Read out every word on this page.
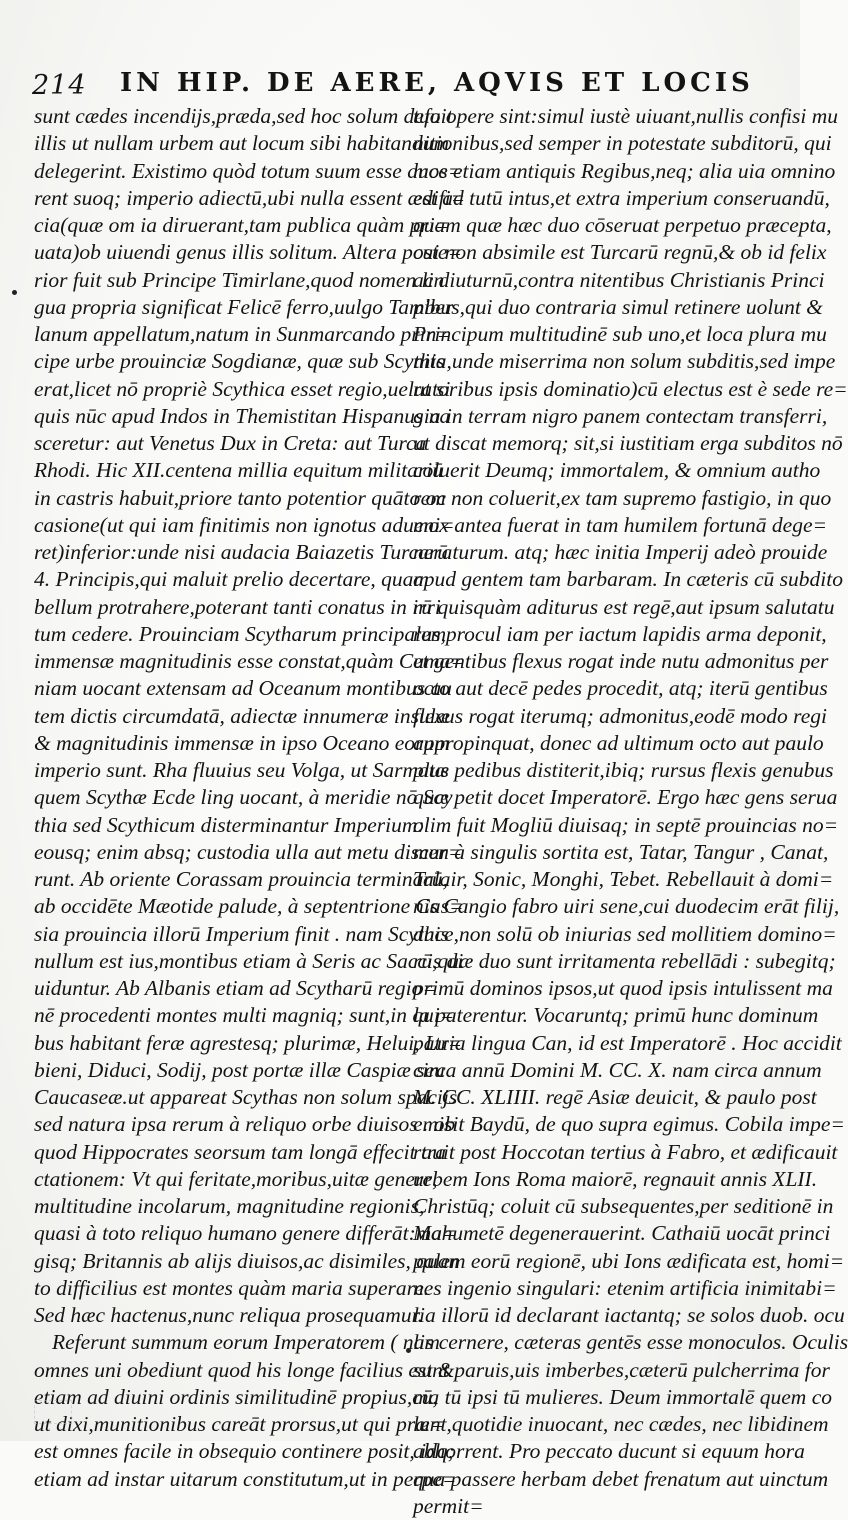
214 IN HIP. DE AERE, AQVIS ET LOCIS
sunt cædes incendijs,præda,sed hoc solum defuit
illis ut nullam urbem aut locum sibi habitandum
delegerint. Existimo quòd totum suum esse duce=
rent suoq; imperio adiectū,ubi nulla essent ædifi=
cia(quæ om ia diruerant,tam publica quàm pri=
uata)ob uiuendi genus illis solitum. Altera poste=
rior fuit sub Principe Timirlane,quod nomen lin
gua propria significat Felicē ferro,uulgo Tamber
lanum appellatum,natum in Sunmarcando prin=
cipe urbe prouinciæ Sogdianæ, quæ sub Scythis
erat,licet nō propriè Scythica esset regio,uelut si
quis nūc apud Indos in Themistitan Hispanus na
sceretur: aut Venetus Dux in Creta: aut Turca
Rhodi. Hic XII.centena millia equitum militariū
in castris habuit,priore tanto potentior quāto oc
casione(ut qui iam finitimis non ignotus adueni=
ret)inferior:unde nisi audacia Baiazetis Turcarū
4. Principis,qui maluit prelio decertare, quam
bellum protrahere,poterant tanti conatus in irri
tum cedere. Prouinciam Scytharum principalem
immensæ magnitudinis esse constat,quàm Cuma=
niam uocant extensam ad Oceanum montibus au
tem dictis circumdatā, adiectæ innumeræ insulæ
& magnitudinis immensæ in ipso Oceano eorum
imperio sunt. Rha fluuius seu Volga, ut Sarmatæ
quem Scythæ Ecde ling uocant, à meridie nō Scy
thia sed Scythicum disterminantur Imperium:
eousq; enim absq; custodia ulla aut metu discur=
runt. Ab oriente Corassam prouincia terminarū,
ab occidēte Mæotide palude, à septentrione Cas=
sia prouincia illorū Imperium finit . nam Scythis
nullum est ius,montibus etiam à Seris ac Saccis di
uiduntur. Ab Albanis etiam ad Scytharū regio=
nē procedenti montes multi magniq; sunt,in qui=
bus habitant feræ agrestesq; plurimæ, Helui, Lu=
bieni, Diduci, Sodij, post portæ illæ Caspiæ seu
Caucaseæ.ut appareat Scythas non solum spacijs
sed natura ipsa rerum à reliquo orbe diuisos . ob
quod Hippocrates seorsum tam longā effecit tra
ctationem: Vt qui feritate,moribus,uitæ genere,
multitudine incolarum, magnitudine regionis,
quasi à toto reliquo humano genere differāt:ma=
gisq; Britannis ab alijs diuisos,ac disimiles, quan
to difficilius est montes quàm maria superare.
Sed hæc hactenus,nunc reliqua prosequamur.
Referunt summum eorum Imperatorem ( nam
omnes uni obediunt quod his longe facilius est &
etiam ad diuini ordinis similitudinē propius,cū,
ut dixi,munitionibus careāt prorsus,ut qui præ=
est omnes facile in obsequio continere posit, idq;
etiam ad instar uitarum constitutum,ut in perpe=
tuo opere sint:simul iustè uiuant,nullis confisi mu
nitionibus,sed semper in potestate subditorū, qui
mos etiam antiquis Regibus,neq; alia uia omnino
est ad tutū intus,et extra imperium conseruandū,
quam quæ hæc duo cōseruat perpetuo præcepta,
cui non absimile est Turcarū regnū,& ob id felix
ac diuturnū,contra nitentibus Christianis Princi
pibus,qui duo contraria simul retinere uolunt &
Principum multitudinē sub uno,et loca plura mu
nita,unde miserrima non solum subditis,sed impe
ratoribus ipsis dominatio)cū electus est è sede re=
gia in terram nigro panem contectam transferri,
ut discat memorq; sit,si iustitiam erga subditos nō
coluerit Deumq; immortalem, & omnium autho
rem non coluerit,ex tam supremo fastigio, in quo
mox antea fuerat in tam humilem fortunā dege=
neraturum. atq; hæc initia Imperij adeò prouide
apud gentem tam barbaram. In cæteris cū subdito
rū quisquàm aditurus est regē,aut ipsum salutatu
rus,procul iam per iactum lapidis arma deponit,
et gentibus flexus rogat inde nutu admonitus per
octo aut decē pedes procedit, atq; iterū gentibus
flexus rogat iterumq; admonitus,eodē modo regi
appropinquat, donec ad ultimum octo aut paulo
plus pedibus distiterit,ibiq; rursus flexis genubus
quæ petit docet Imperatorē. Ergo hæc gens serua
olim fuit Mogliū diuisaq; in septē prouincias no=
men à singulis sortita est, Tatar, Tangur , Canat,
Talair, Sonic, Monghi, Tebet. Rebellauit à domi=
nis Cangio fabro uiri sene,cui duodecim erāt filij,
duce,non solū ob iniurias sed mollitiem domino=
rū,quæ duo sunt irritamenta rebellādi : subegitq;
primū dominos ipsos,ut quod ipsis intulissent ma
la paterentur. Vocaruntq; primū hunc dominum
patria lingua Can, id est Imperatorē . Hoc accidit
circa annū Domini M. CC. X. nam circa annum
M. CC. XLIIII. regē Asiæ deuicit, & paulo post
emisit Baydū, de quo supra egimus. Cobila impe=
rauit post Hoccotan tertius à Fabro, et ædificauit
urbem Ions Roma maiorē, regnauit annis XLII.
Christūq; coluit cū subsequentes,per seditionē in
Mahumetē degenerauerint. Cathaiū uocāt princi
palem eorū regionē, ubi Ions ædificata est, homi=
nes ingenio singulari: etenim artificia inimitabi=
lia illorū id declarant iactantq; se solos duob. ocu
lis cernere, cæteras gentēs esse monoculos. Oculis
sunt paruis,uis imberbes,cæterū pulcherrima for
ma tū ipsi tū mulieres. Deum immortalē quem co
lunt,quotidie inuocant, nec cædes, nec libidinem
abhorrent. Pro peccato ducunt si equum hora
qua passere herbam debet frenatum aut uinctum
permit=
